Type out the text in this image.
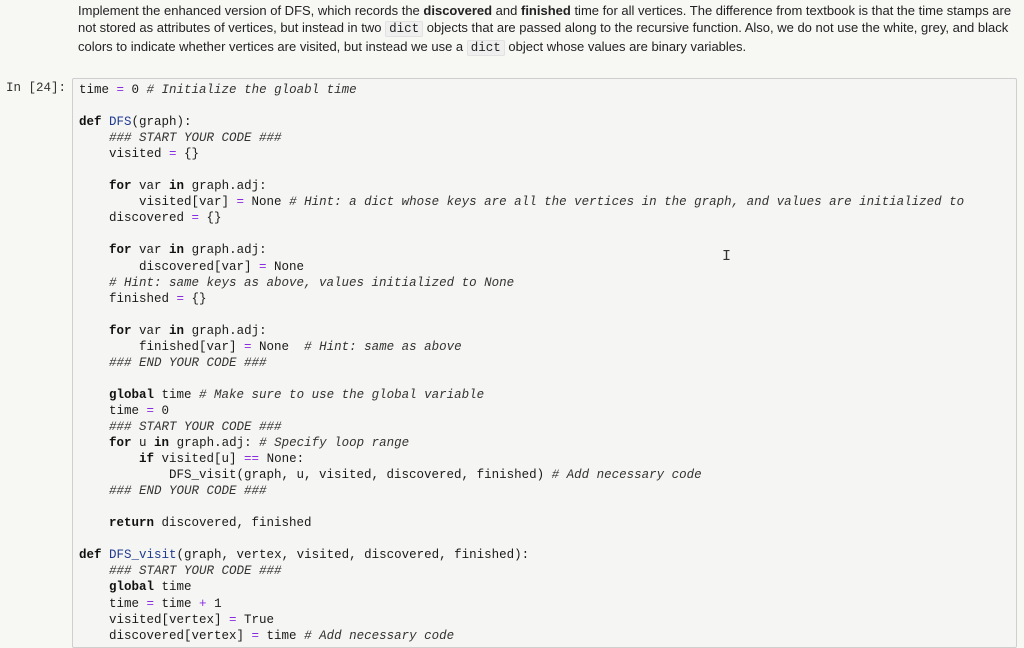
Implement the enhanced version of DFS, which records the discovered and finished time for all vertices. The difference from textbook is that the time stamps are not stored as attributes of vertices, but instead in two dict objects that are passed along to the recursive function. Also, we do not use the white, grey, and black colors to indicate whether vertices are visited, but instead we use a dict object whose values are binary variables.

In [24]: time = 0 # Initialize the gloabl time
def DFS(graph):
### START YOUR CODE ###
visited = {}
for var in graph.adj:
visited[var] = None # Hint: a dict whose keys are all the vertices in the graph, and values are initialized to
discovered = {}
for var in graph.adj:
discovered[var] = None
# Hint: same keys as above, values initialized to None
finished = {}
for var in graph.adj:
finished[var] = None  # Hint: same as above
### END YOUR CODE ###
global time # Make sure to use the global variable
time = 0
### START YOUR CODE ###
for u in graph.adj: # Specify loop range
if visited[u] == None:
DFS_visit(graph, u, visited, discovered, finished) # Add necessary code
### END YOUR CODE ###
return discovered, finished
def DFS_visit(graph, vertex, visited, discovered, finished):
### START YOUR CODE ###
global time
time = time + 1
visited[vertex] = True
discovered[vertex] = time # Add necessary code
I
